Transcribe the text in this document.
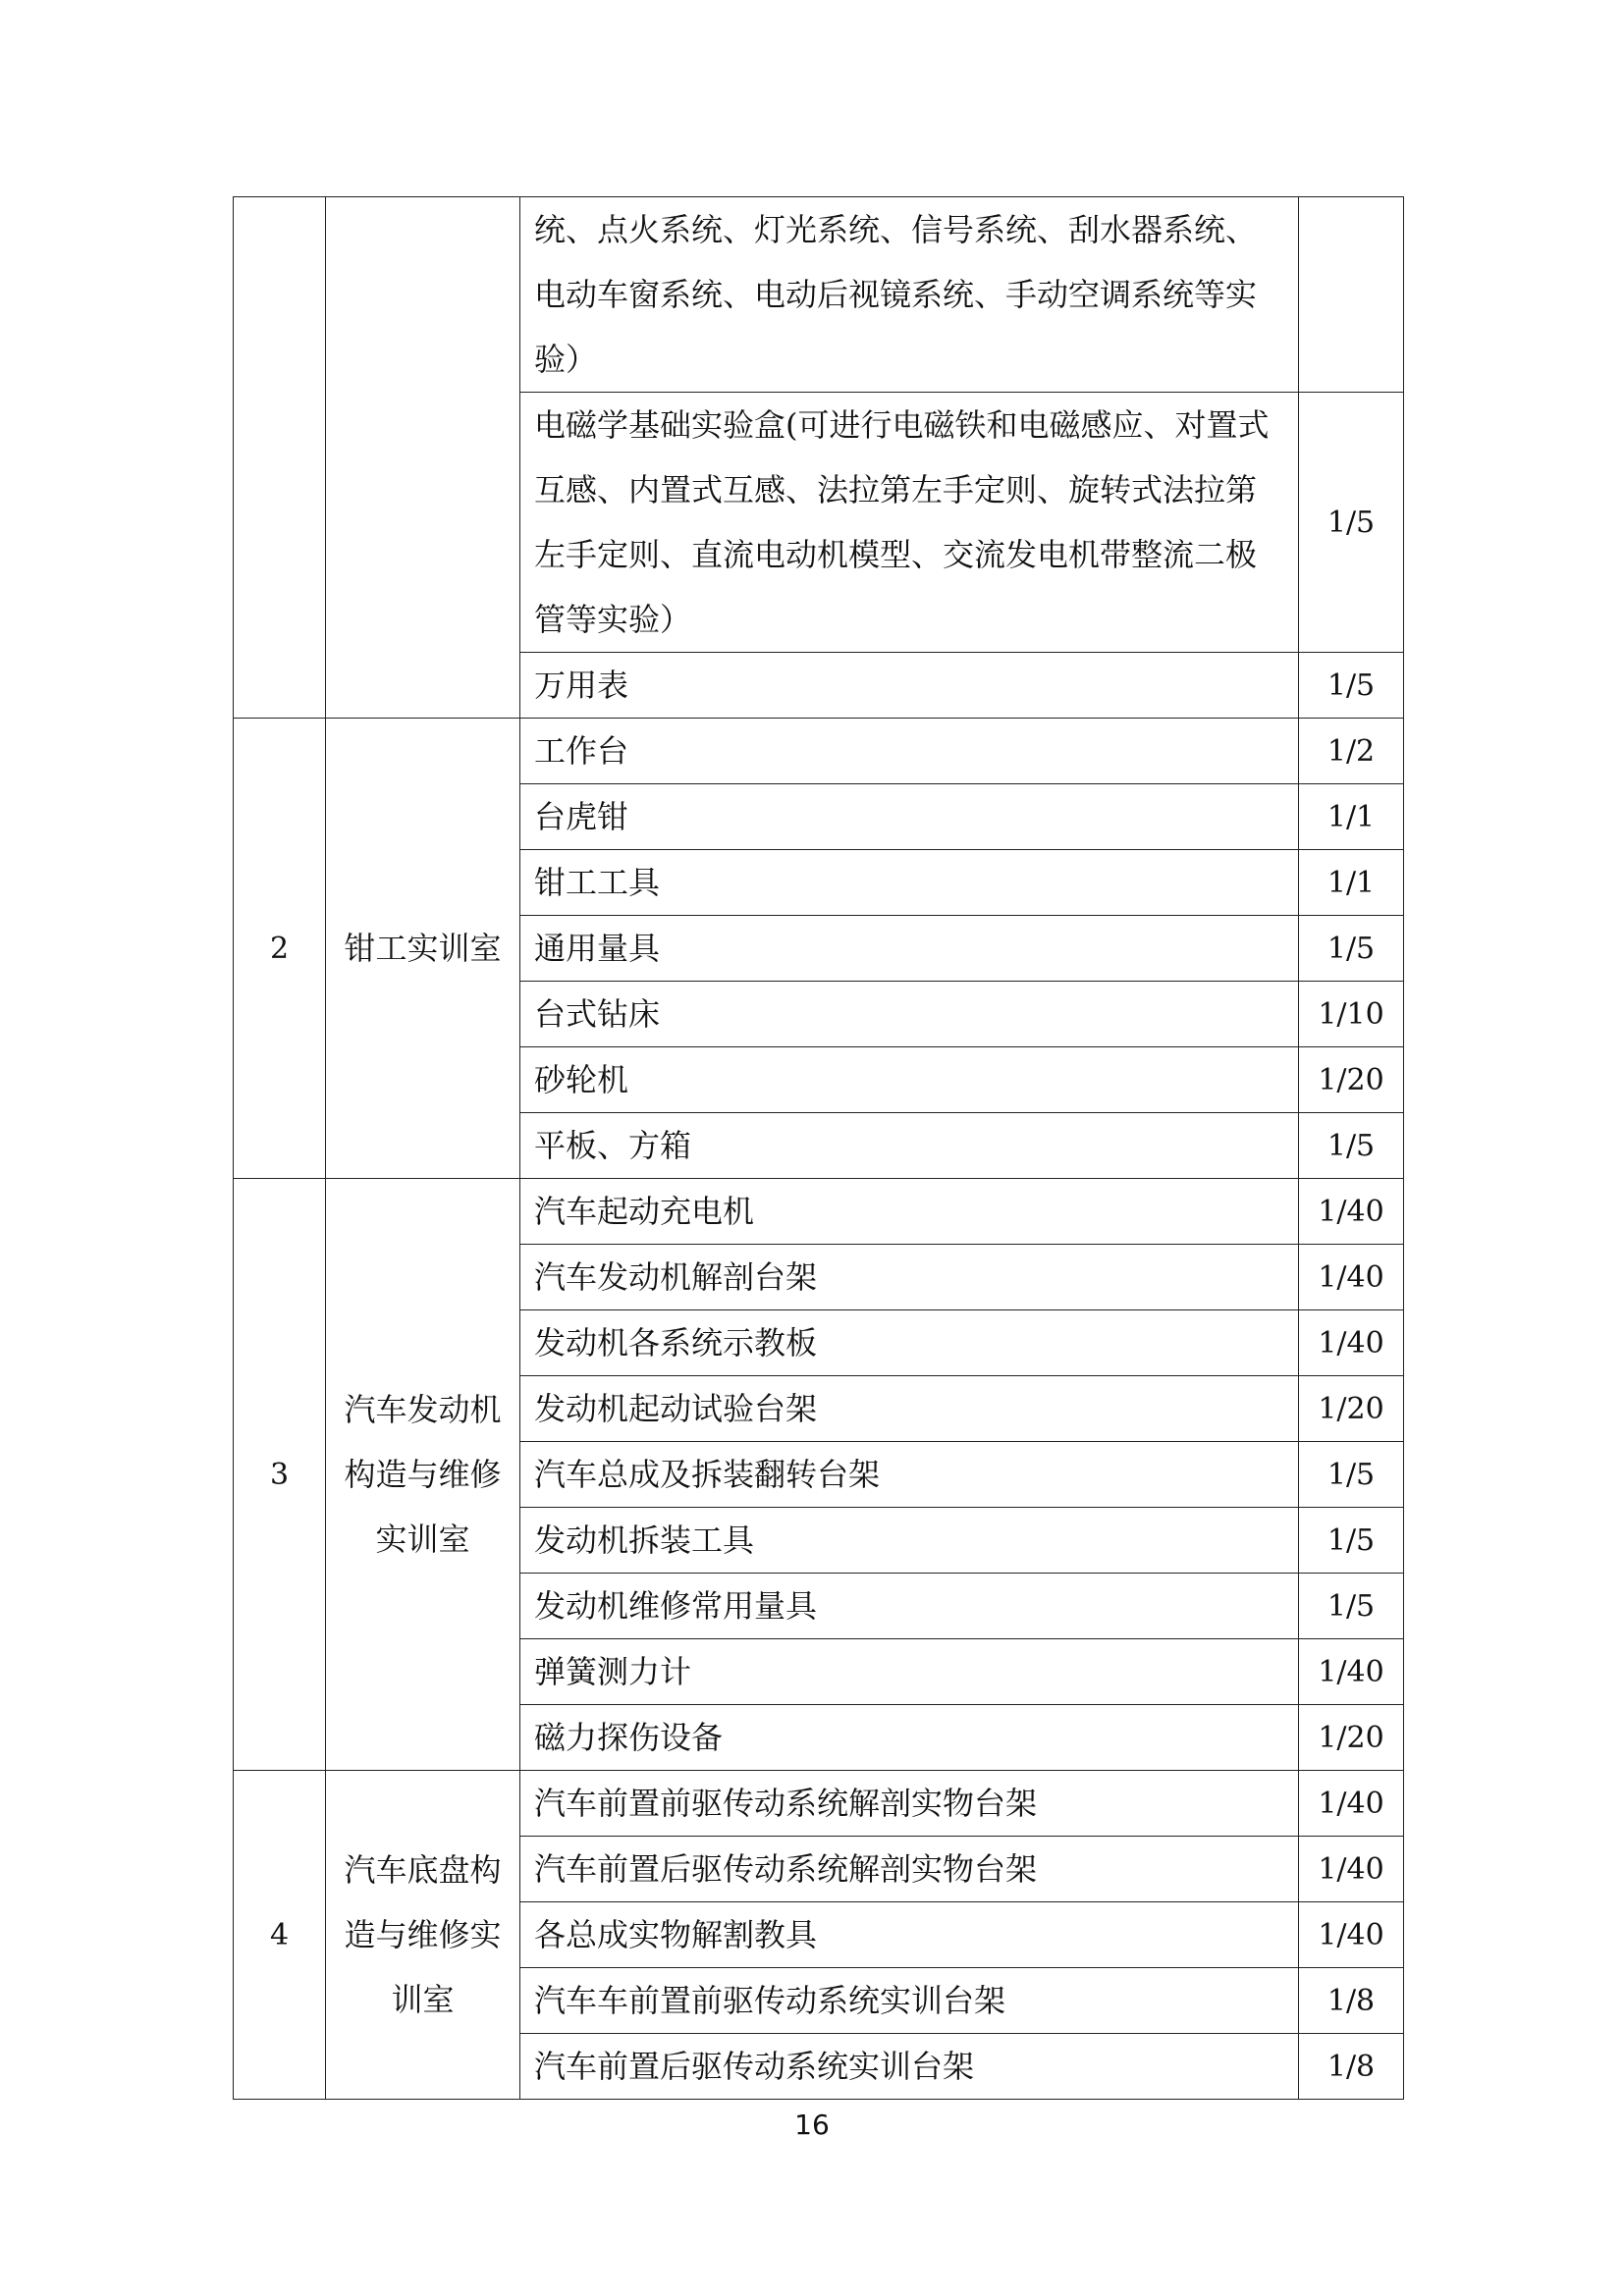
		统、点火系统、灯光系统、信号系统、刮水器系统、电动车窗系统、电动后视镜系统、手动空调系统等实验）	
		电磁学基础实验盒(可进行电磁铁和电磁感应、对置式互感、内置式互感、法拉第左手定则、旋转式法拉第左手定则、直流电动机模型、交流发电机带整流二极管等实验）	1/5
		万用表	1/5
2	钳工实训室	工作台	1/2
		台虎钳	1/1
		钳工工具	1/1
		通用量具	1/5
		台式钻床	1/10
		砂轮机	1/20
		平板、方箱	1/5
3	汽车发动机构造与维修实训室	汽车起动充电机	1/40
		汽车发动机解剖台架	1/40
		发动机各系统示教板	1/40
		发动机起动试验台架	1/20
		汽车总成及拆装翻转台架	1/5
		发动机拆装工具	1/5
		发动机维修常用量具	1/5
		弹簧测力计	1/40
		磁力探伤设备	1/20
4	汽车底盘构造与维修实训室	汽车前置前驱传动系统解剖实物台架	1/40
		汽车前置后驱传动系统解剖实物台架	1/40
		各总成实物解割教具	1/40
		汽车车前置前驱传动系统实训台架	1/8
		汽车前置后驱传动系统实训台架	1/8
16
